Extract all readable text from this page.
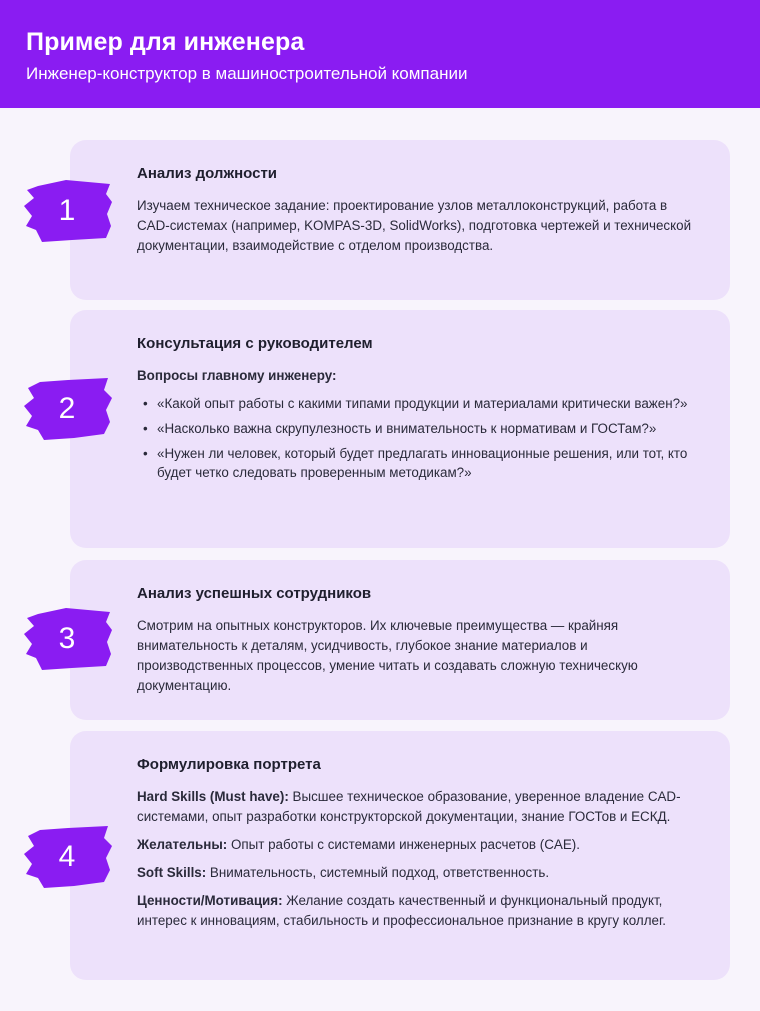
Пример для инженера
Инженер-конструктор в машиностроительной компании
Анализ должности

Изучаем техническое задание: проектирование узлов металлоконструкций, работа в CAD-системах (например, KOMPAS-3D, SolidWorks), подготовка чертежей и технической документации, взаимодействие с отделом производства.

1
Консультация с руководителем

Вопросы главному инженеру:

• «Какой опыт работы с какими типами продукции и материалами критически важен?»
• «Насколько важна скрупулезность и внимательность к нормативам и ГОСТам?»
• «Нужен ли человек, который будет предлагать инновационные решения, или тот, кто будет четко следовать проверенным методикам?»
2
Анализ успешных сотрудников

Смотрим на опытных конструкторов. Их ключевые преимущества — крайняя внимательность к деталям, усидчивость, глубокое знание материалов и производственных процессов, умение читать и создавать сложную техническую документацию.

3
Формулировка портрета

Hard Skills (Must have): Высшее техническое образование, уверенное владение CAD-системами, опыт разработки конструкторской документации, знание ГОСТов и ЕСКД.

Желательны: Опыт работы с системами инженерных расчетов (CAE).

Soft Skills: Внимательность, системный подход, ответственность.

Ценности/Мотивация: Желание создать качественный и функциональный продукт, интерес к инновациям, стабильность и профессиональное признание в кругу коллег.

4
